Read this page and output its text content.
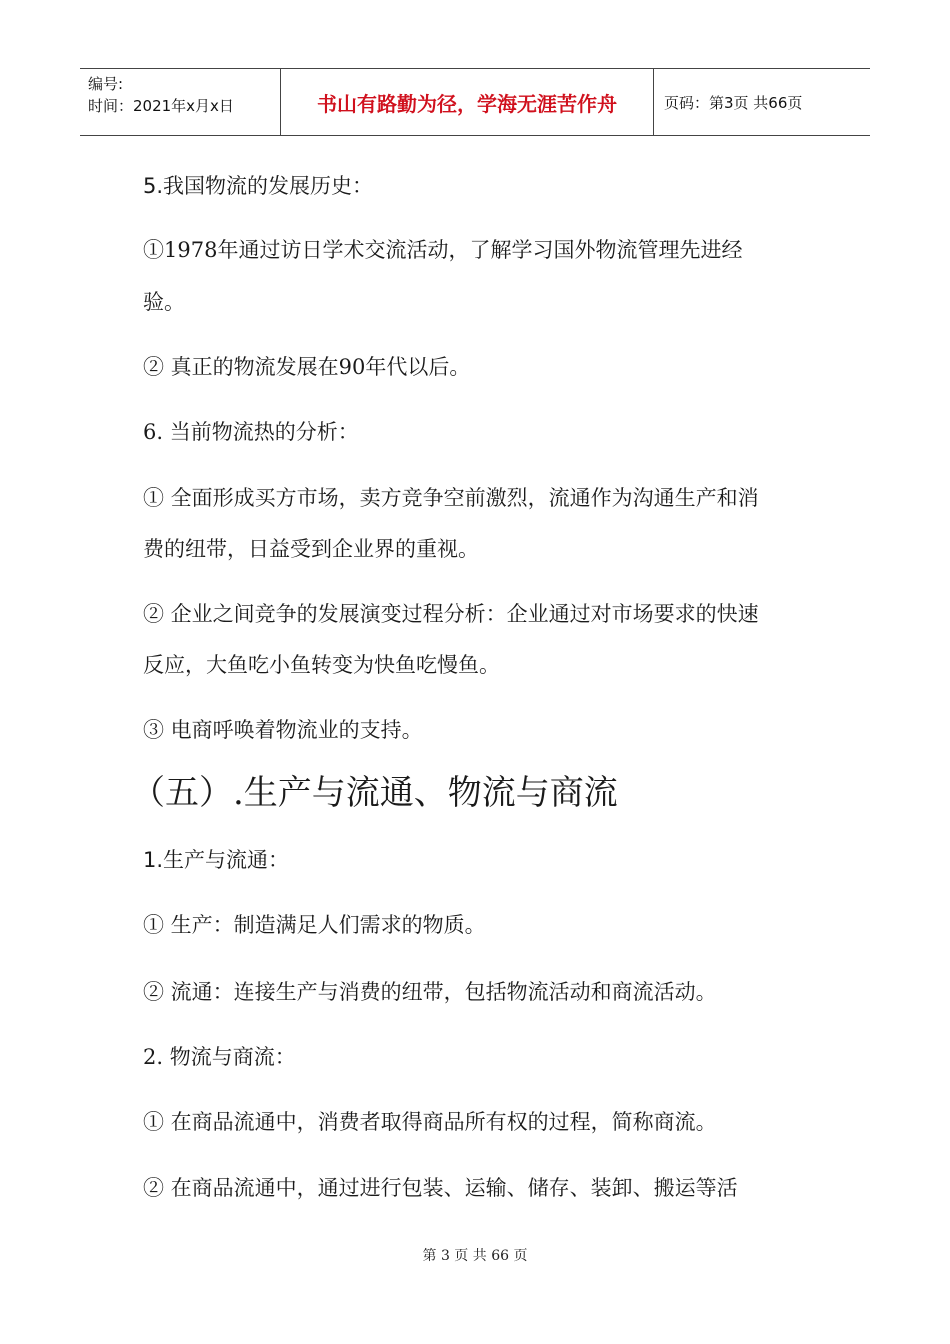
编号:
时间：2021年x月x日	书山有路勤为径，学海无涯苦作舟	页码：第3页 共66页
5.我国物流的发展历史：
①1978年通过访日学术交流活动，了解学习国外物流管理先进经
验。
② 真正的物流发展在90年代以后。
6. 当前物流热的分析：
① 全面形成买方市场，卖方竞争空前激烈，流通作为沟通生产和消
费的纽带，日益受到企业界的重视。
② 企业之间竞争的发展演变过程分析：企业通过对市场要求的快速
反应，大鱼吃小鱼转变为快鱼吃慢鱼。
③ 电商呼唤着物流业的支持。
（五）.生产与流通、物流与商流
1.生产与流通：
① 生产：制造满足人们需求的物质。
② 流通：连接生产与消费的纽带，包括物流活动和商流活动。
2. 物流与商流：
① 在商品流通中，消费者取得商品所有权的过程，简称商流。
② 在商品流通中，通过进行包装、运输、储存、装卸、搬运等活
第 3 页 共 66 页
